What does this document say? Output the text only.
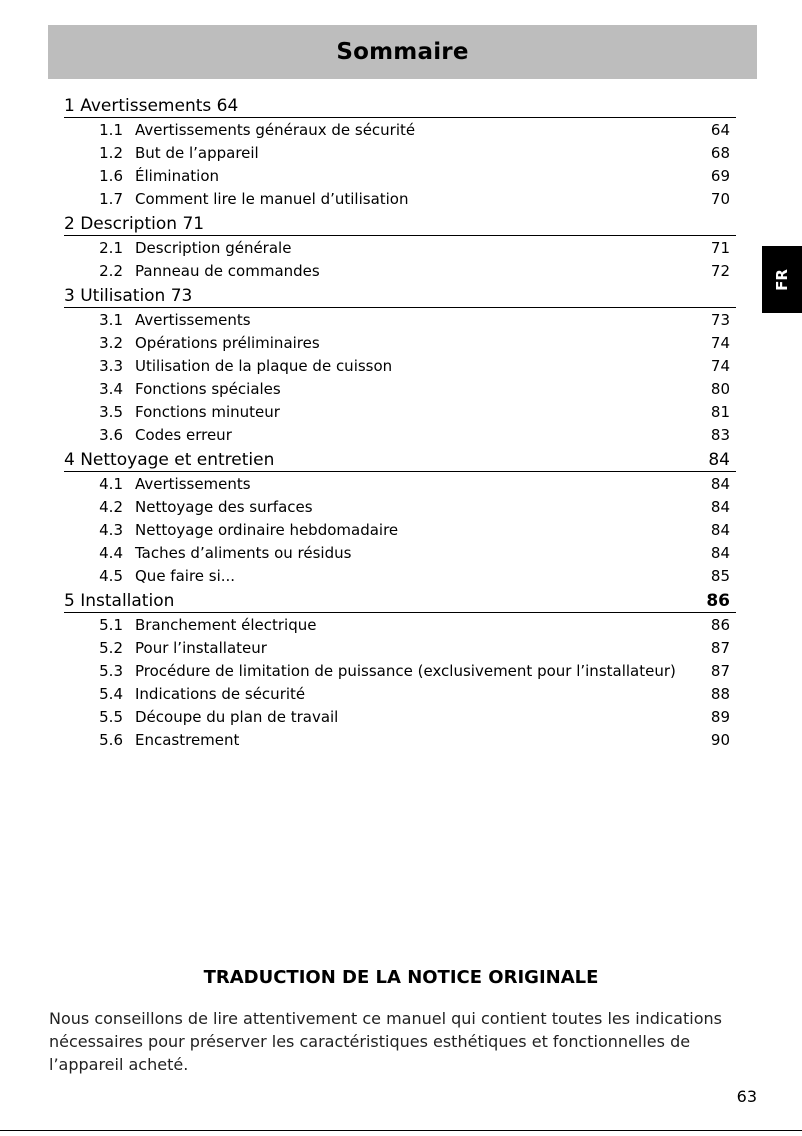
Sommaire
FR
1 Avertissements 64
1.1 Avertissements généraux de sécurité	64
1.2 But de l’appareil	68
1.6 Élimination	69
1.7 Comment lire le manuel d’utilisation	70
2 Description 71
2.1 Description générale	71
2.2 Panneau de commandes	72
3 Utilisation 73
3.1 Avertissements	73
3.2 Opérations préliminaires	74
3.3 Utilisation de la plaque de cuisson	74
3.4 Fonctions spéciales	80
3.5 Fonctions minuteur	81
3.6 Codes erreur	83
4 Nettoyage et entretien	84
4.1 Avertissements	84
4.2 Nettoyage des surfaces	84
4.3 Nettoyage ordinaire hebdomadaire	84
4.4 Taches d’aliments ou résidus	84
4.5 Que faire si...	85
5 Installation	86
5.1 Branchement électrique	86
5.2 Pour l’installateur	87
5.3 Procédure de limitation de puissance (exclusivement pour l’installateur)	87
5.4 Indications de sécurité	88
5.5 Découpe du plan de travail	89
5.6 Encastrement	90
TRADUCTION DE LA NOTICE ORIGINALE
Nous conseillons de lire attentivement ce manuel qui contient toutes les indications nécessaires pour préserver les caractéristiques esthétiques et fonctionnelles de l’appareil acheté.
63
